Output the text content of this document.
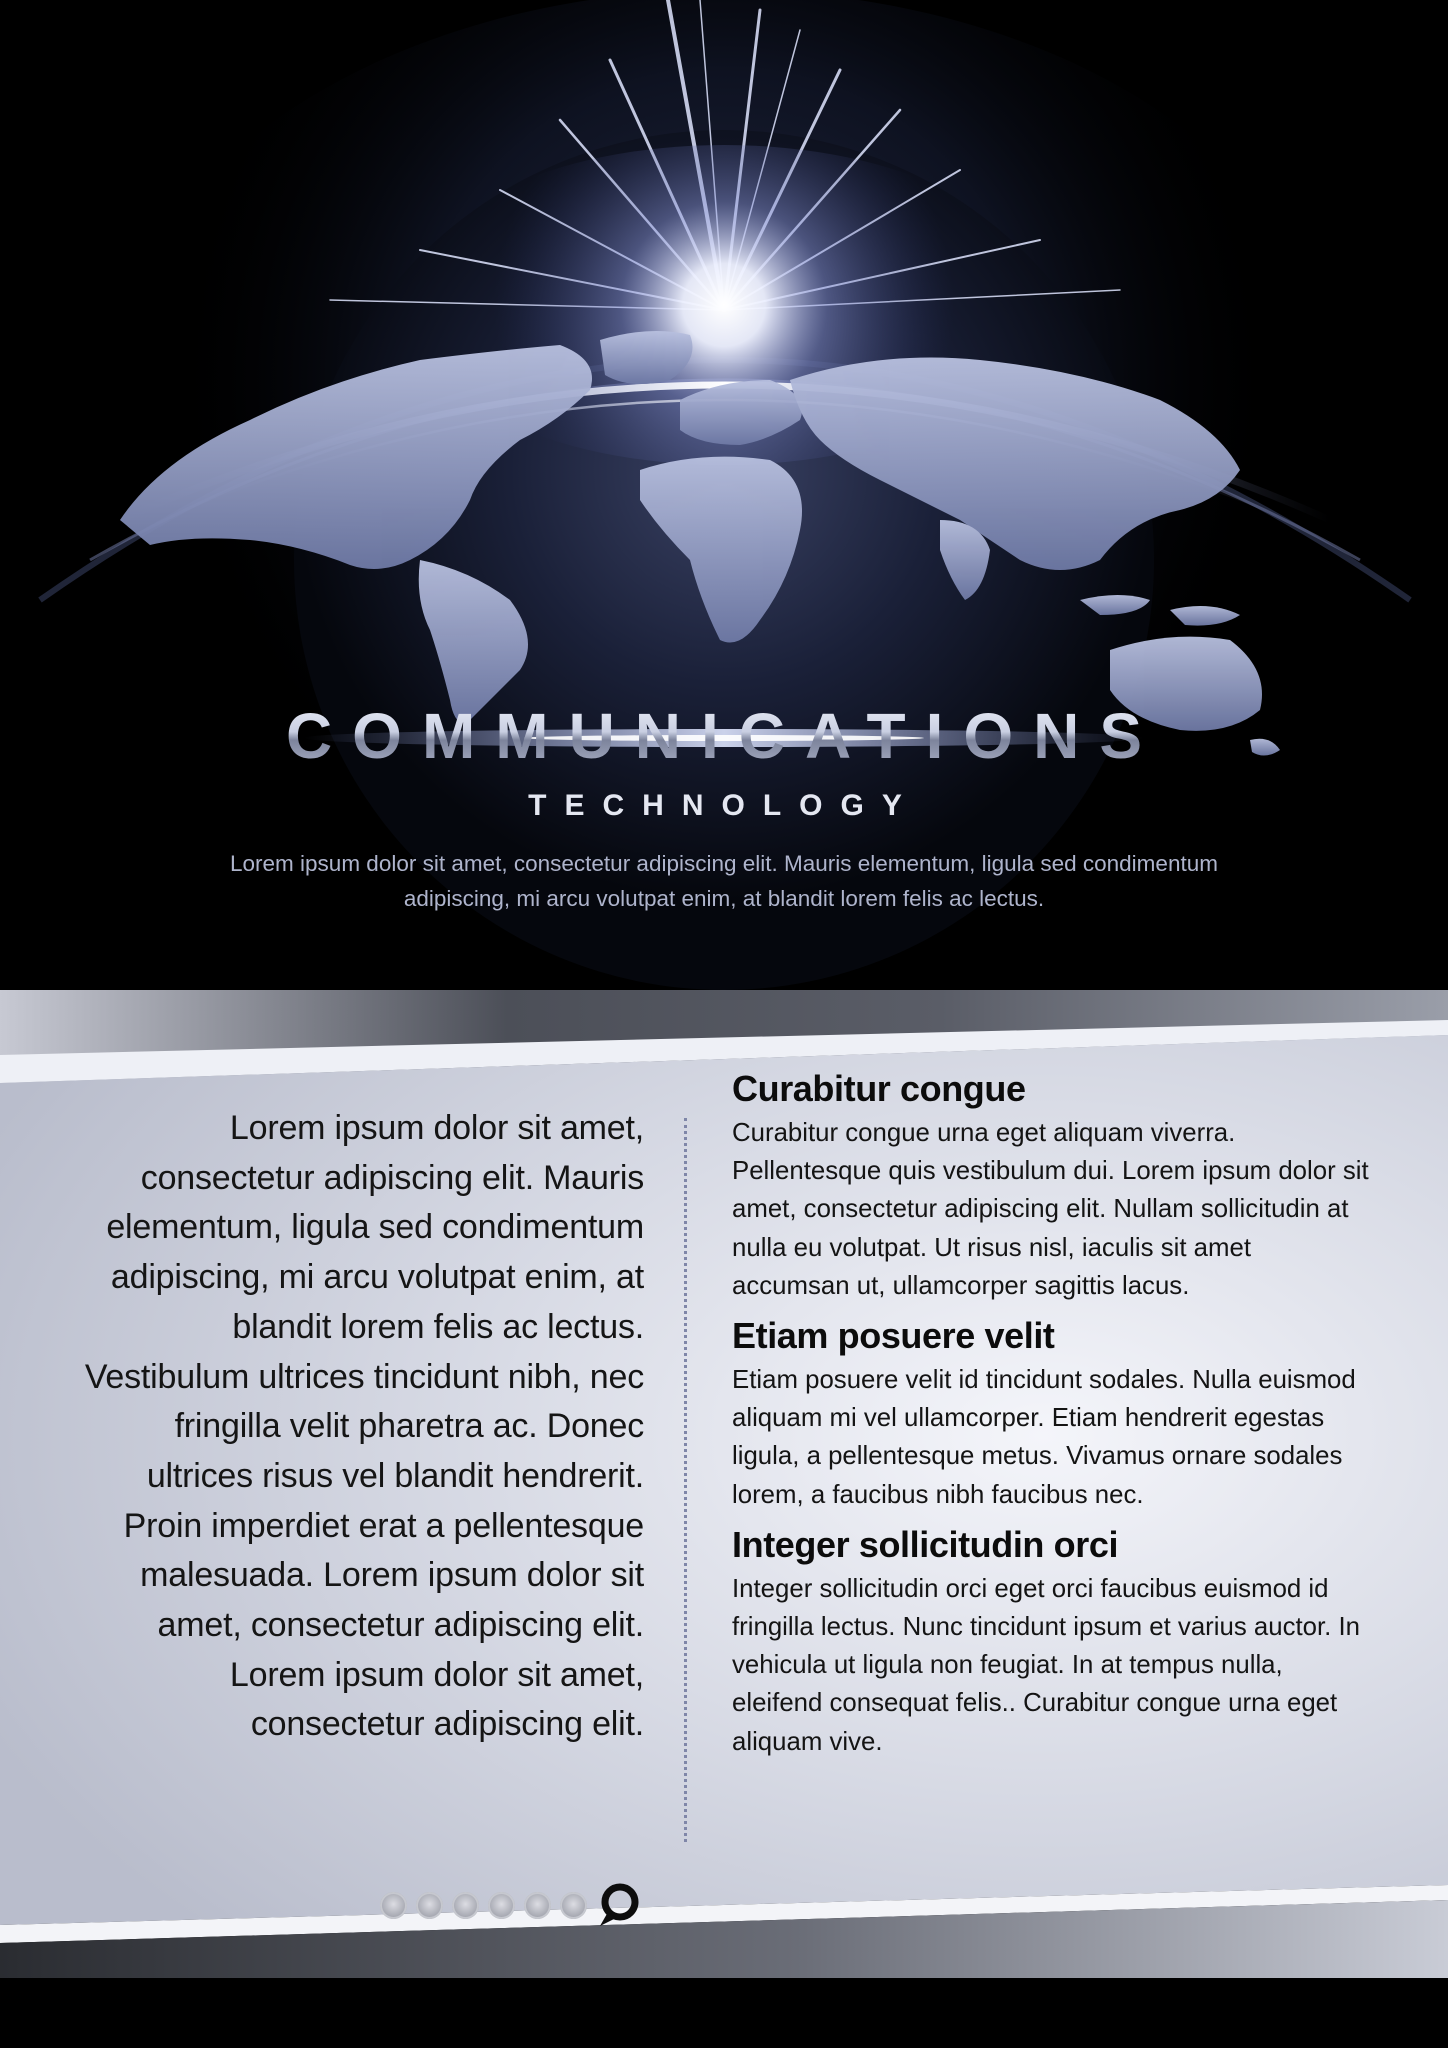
COMMUNICATIONS
TECHNOLOGY

Lorem ipsum dolor sit amet, consectetur adipiscing elit. Mauris elementum, ligula sed condimentum adipiscing, mi arcu volutpat enim, at blandit lorem felis ac lectus.

Lorem ipsum dolor sit amet, consectetur adipiscing elit. Mauris elementum, ligula sed condimentum adipiscing, mi arcu volutpat enim, at blandit lorem felis ac lectus. Vestibulum ultrices tincidunt nibh, nec fringilla velit pharetra ac. Donec ultrices risus vel blandit hendrerit. Proin imperdiet erat a pellentesque malesuada. Lorem ipsum dolor sit amet, consectetur adipiscing elit. Lorem ipsum dolor sit amet, consectetur adipiscing elit.

Curabitur congue

Curabitur congue urna eget aliquam viverra. Pellentesque quis vestibulum dui. Lorem ipsum dolor sit amet, consectetur adipiscing elit. Nullam sollicitudin at nulla eu volutpat. Ut risus nisl, iaculis sit amet accumsan ut, ullamcorper sagittis lacus.

Etiam posuere velit

Etiam posuere velit id tincidunt sodales. Nulla euismod aliquam mi vel ullamcorper. Etiam hendrerit egestas ligula, a pellentesque metus. Vivamus ornare sodales lorem, a faucibus nibh faucibus nec.

Integer sollicitudin orci

Integer sollicitudin orci eget orci faucibus euismod id fringilla lectus. Nunc tincidunt ipsum et varius auctor. In vehicula ut ligula non feugiat. In at tempus nulla, eleifend consequat felis.. Curabitur congue urna eget aliquam vive.
